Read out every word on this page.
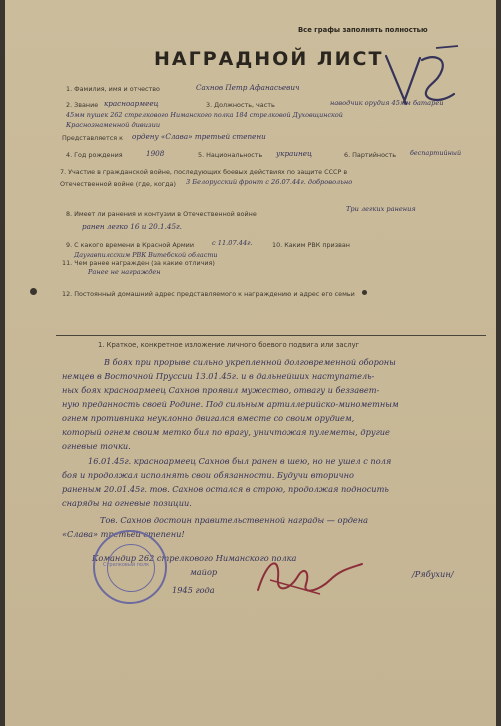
Все графы заполнять полностью
НАГРАДНОЙ ЛИСТ
1. Фамилия, имя и отчество	Сахнов Петр Афанасьевич
2. Звание красноармеец	3. Должность, часть	наводчик орудия 45мм батарей
45мм пушек 262 стрелкового Ниманского полка 184 стрелковой Духовщинской
Краснознаменной дивизии
Представляется к ордену «Слава» третьей степени
4. Год рождения	1908	5. Национальность украинец	6. Партийность беспартийный
7. Участие в гражданской войне, последующих боевых действиях по защите СССР в
Отечественной войне (где, когда) 3 Белорусский фронт с 26.07.44г. добровольно
8. Имеет ли ранения и контузии в Отечественной войне
Три легких ранения
ранен легко 16 и 20.1.45г.
9. С какого времени в Красной Армии	с 11.07.44г.	10. Каким РВК призван
Даугавпилсским РВК Витебской области
11. Чем ранее награжден (за какие отличия)
Ранее не награжден
12. Постоянный домашний адрес представляемого к награждению и адрес его семьи
1. Краткое, конкретное изложение личного боевого подвига или заслуг
В боях при прорыве сильно укрепленной долговременной обороны
немцев в Восточной Пруссии 13.01.45г. и в дальнейших наступатель-
ных боях красноармеец Сахнов проявил мужество, отвагу и беззавет-
ную преданность своей Родине. Под сильным артиллерийско-минометным
огнем противника неуклонно двигался вместе со своим орудием,
который огнем своим метко бил по врагу, уничтожая пулеметы, другие
огневые точки.
16.01.45г. красноармеец Сахнов был ранен в шею, но не ушел с поля
боя и продолжал исполнять свои обязанности. Будучи вторично
раненым 20.01.45г. тов. Сахнов остался в строю, продолжая подносить
снаряды на огневые позиции.
Тов. Сахнов достоин правительственной награды — ордена
«Слава» третьей степени!
Командир 262 стрелкового Ниманского полка
майор	/Рябухин/
Стрелковый полк
1945 года
